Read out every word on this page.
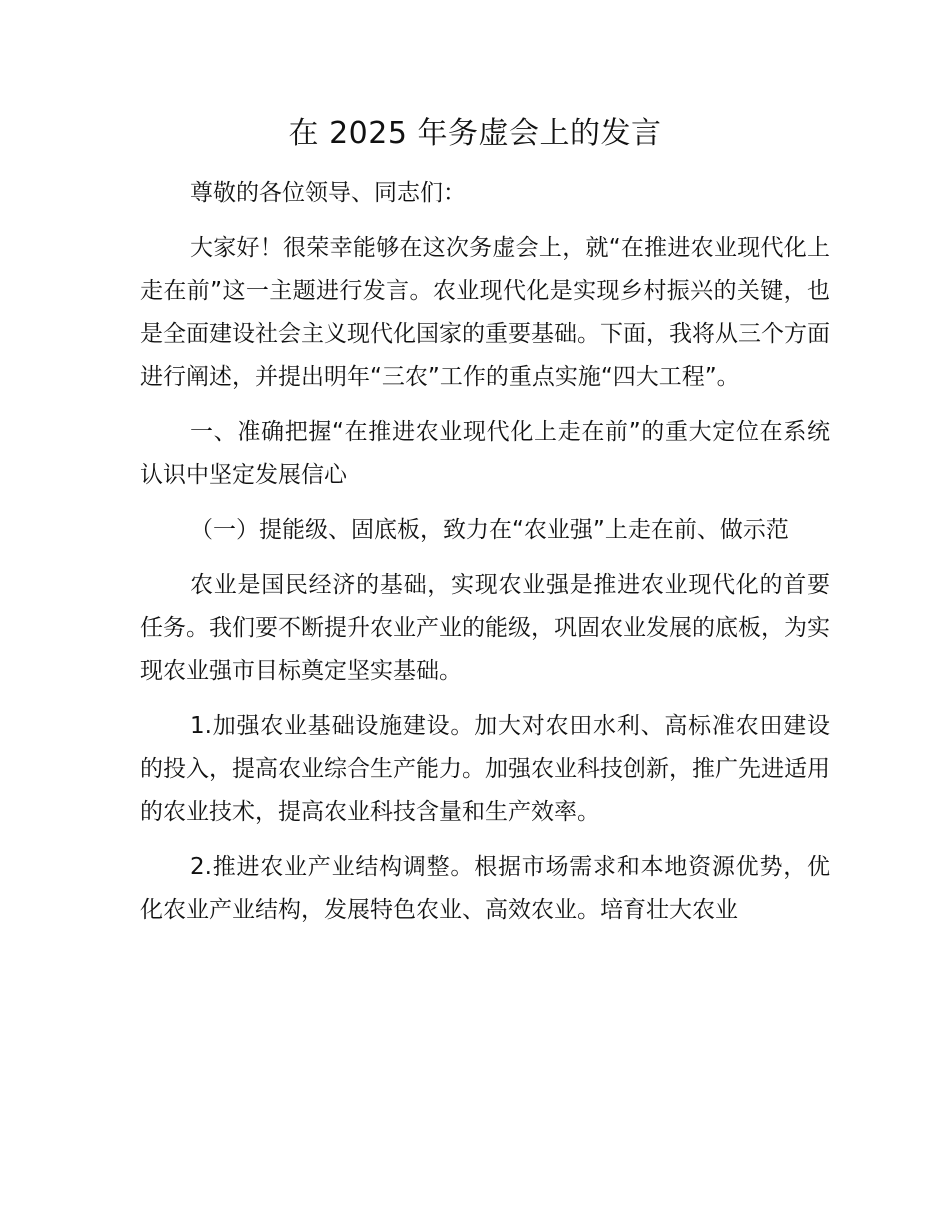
在 2025 年务虚会上的发言

尊敬的各位领导、同志们：

大家好！很荣幸能够在这次务虚会上，就“在推进农业现代化上走在前”这一主题进行发言。农业现代化是实现乡村振兴的关键，也是全面建设社会主义现代化国家的重要基础。下面，我将从三个方面进行阐述，并提出明年“三农”工作的重点实施“四大工程”。

一、准确把握“在推进农业现代化上走在前”的重大定位在系统认识中坚定发展信心

（一）提能级、固底板，致力在“农业强”上走在前、做示范

农业是国民经济的基础，实现农业强是推进农业现代化的首要任务。我们要不断提升农业产业的能级，巩固农业发展的底板，为实现农业强市目标奠定坚实基础。

1.加强农业基础设施建设。加大对农田水利、高标准农田建设的投入，提高农业综合生产能力。加强农业科技创新，推广先进适用的农业技术，提高农业科技含量和生产效率。

2.推进农业产业结构调整。根据市场需求和本地资源优势，优化农业产业结构，发展特色农业、高效农业。培育壮大农业
